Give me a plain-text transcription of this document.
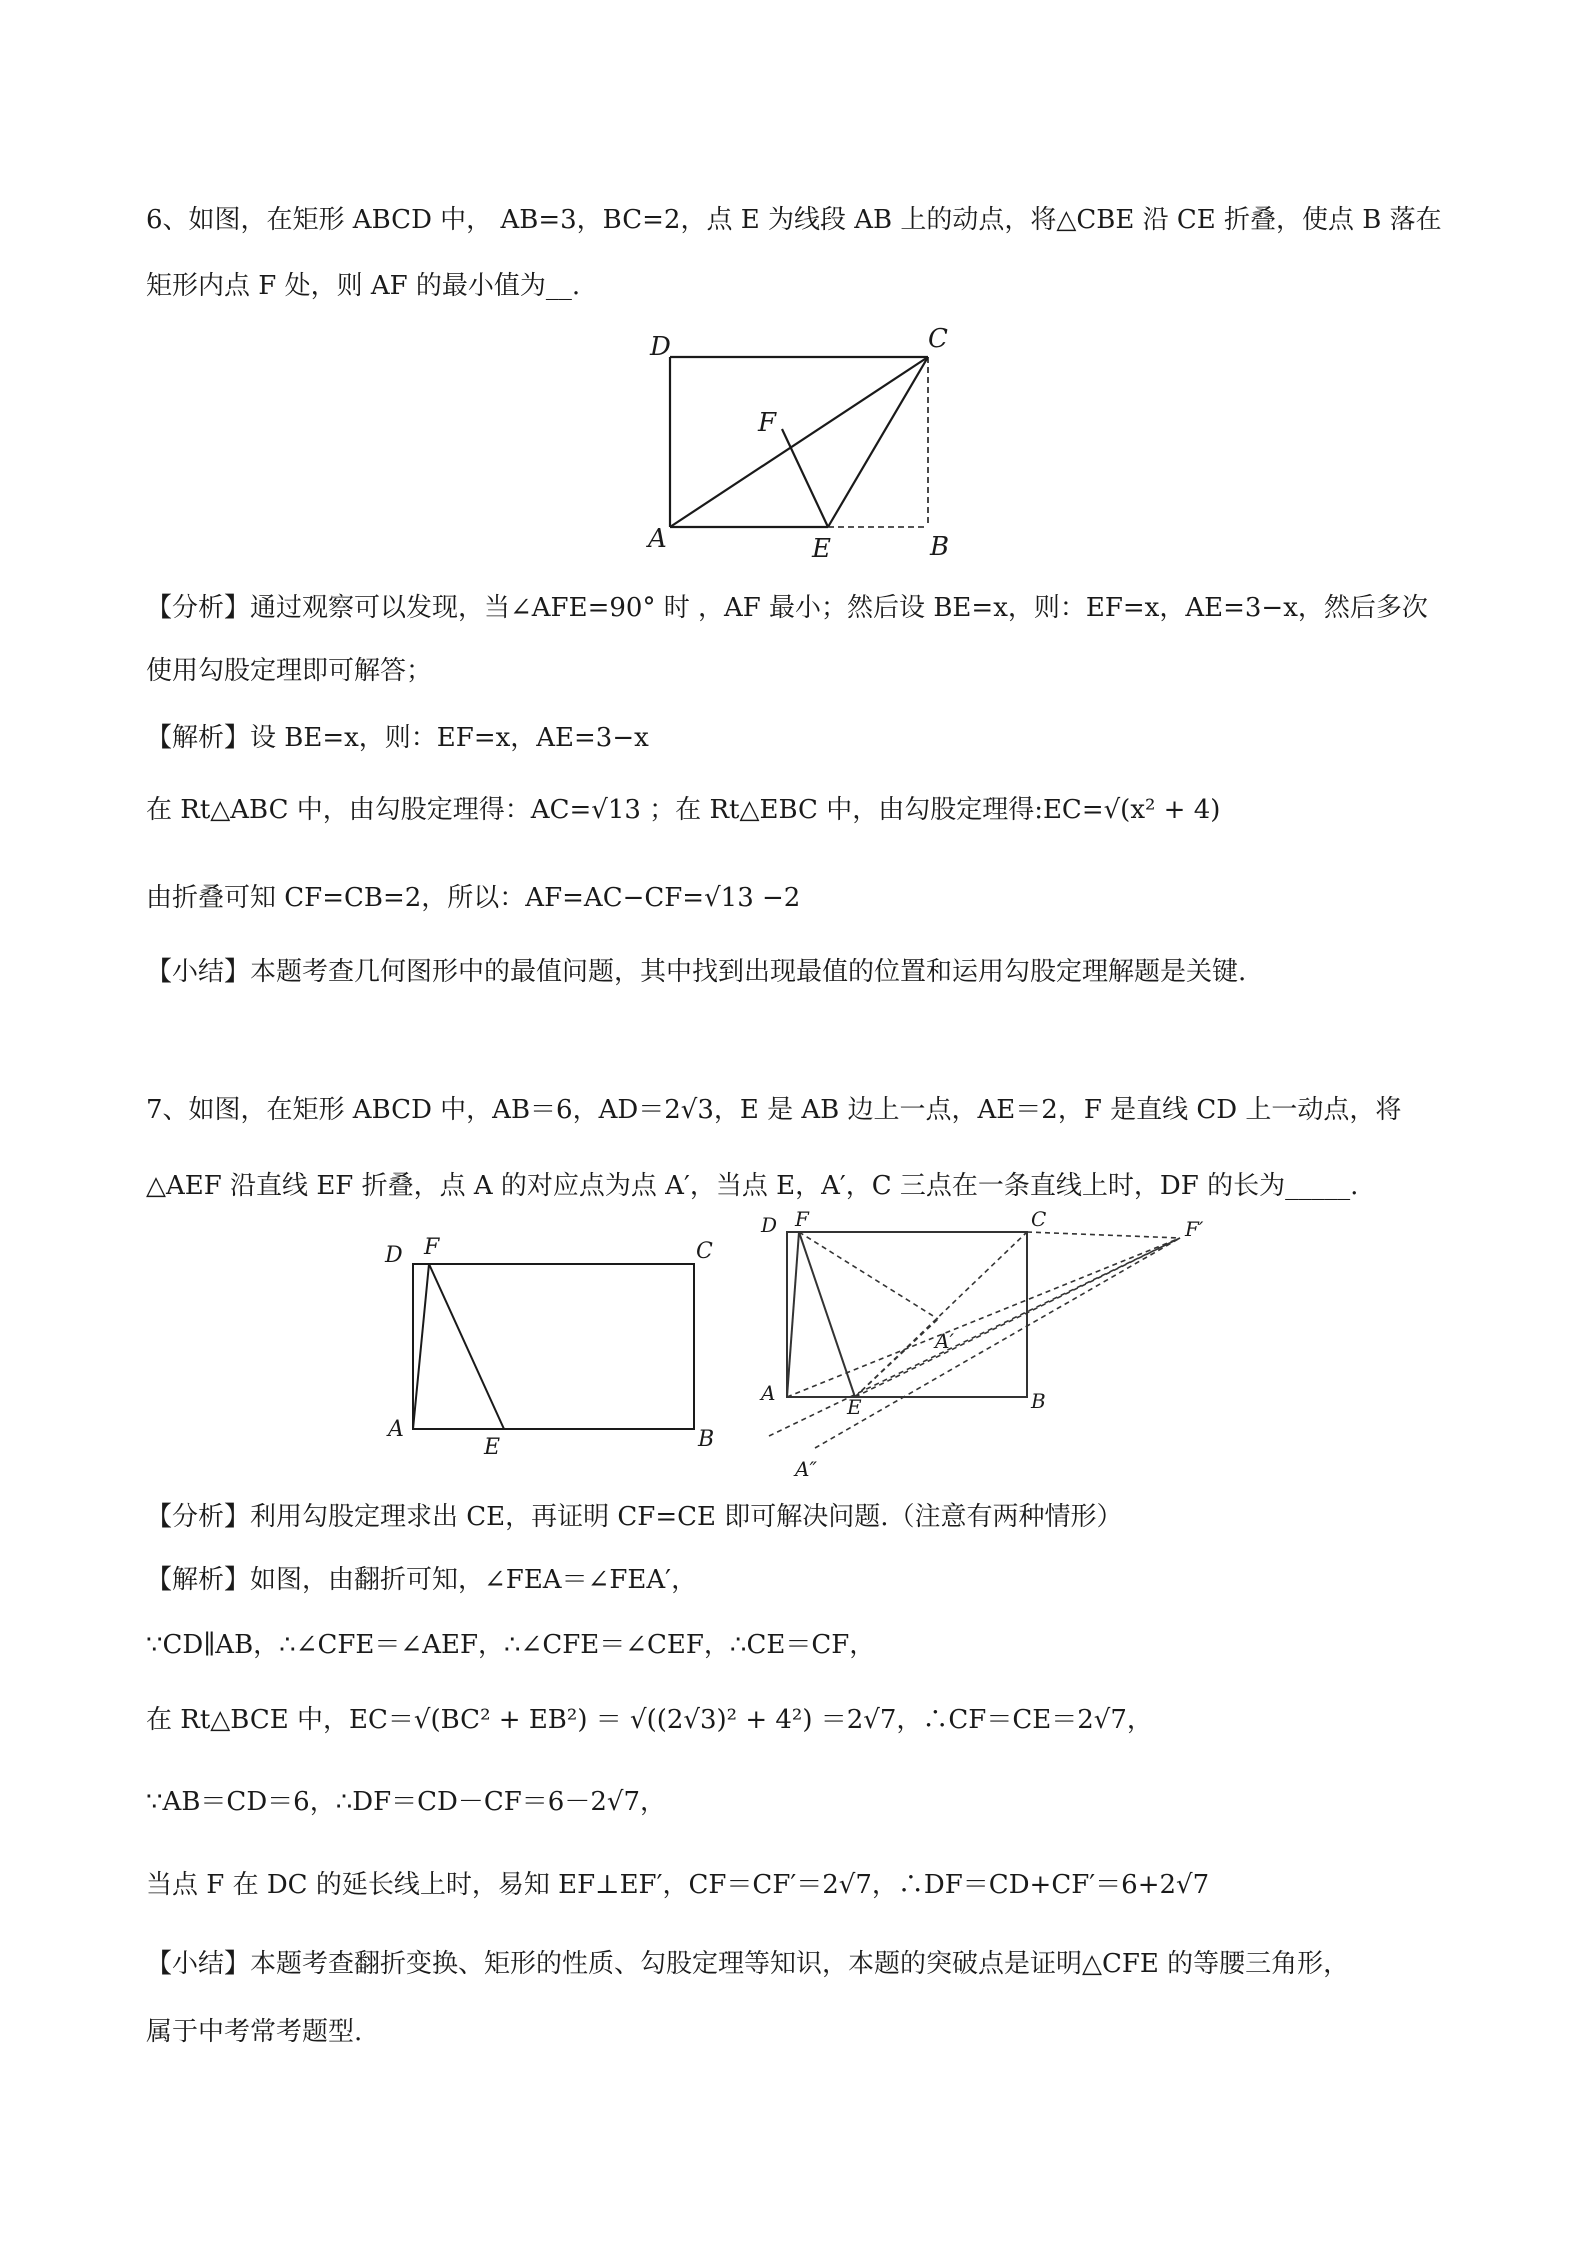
6、如图，在矩形 ABCD 中， AB=3，BC=2，点 E 为线段 AB 上的动点，将△CBE 沿 CE 折叠，使点 B 落在
矩形内点 F 处，则 AF 的最小值为__.
D	C
F
A	E	B
【分析】通过观察可以发现，当∠AFE=90° 时 ，AF 最小；然后设 BE=x，则：EF=x，AE=3−x，然后多次
使用勾股定理即可解答；
【解析】设 BE=x，则：EF=x，AE=3−x
在 Rt△ABC 中，由勾股定理得：AC=√13 ；在 Rt△EBC 中，由勾股定理得:EC=√(x² + 4)
由折叠可知 CF=CB=2，所以：AF=AC−CF=√13 −2
【小结】本题考查几何图形中的最值问题，其中找到出现最值的位置和运用勾股定理解题是关键.
7、如图，在矩形 ABCD 中，AB＝6，AD＝2√3，E 是 AB 边上一点，AE＝2，F 是直线 CD 上一动点，将
△AEF 沿直线 EF 折叠，点 A 的对应点为点 A′，当点 E，A′，C 三点在一条直线上时，DF 的长为_____.
D F	C
A
E	B
D F	C	F′
A′
A
E	B
A″
【分析】利用勾股定理求出 CE，再证明 CF=CE 即可解决问题.（注意有两种情形）
【解析】如图，由翻折可知，∠FEA＝∠FEA′，
∵CD∥AB，∴∠CFE＝∠AEF，∴∠CFE＝∠CEF，∴CE＝CF，
在 Rt△BCE 中，EC＝√(BC² + EB²) ＝ √((2√3)² + 4²) ＝2√7，∴CF＝CE＝2√7，
∵AB＝CD＝6，∴DF＝CD－CF＝6－2√7，
当点 F 在 DC 的延长线上时，易知 EF⊥EF′，CF＝CF′＝2√7，∴DF＝CD+CF′＝6+2√7
【小结】本题考查翻折变换、矩形的性质、勾股定理等知识，本题的突破点是证明△CFE 的等腰三角形，
属于中考常考题型.
